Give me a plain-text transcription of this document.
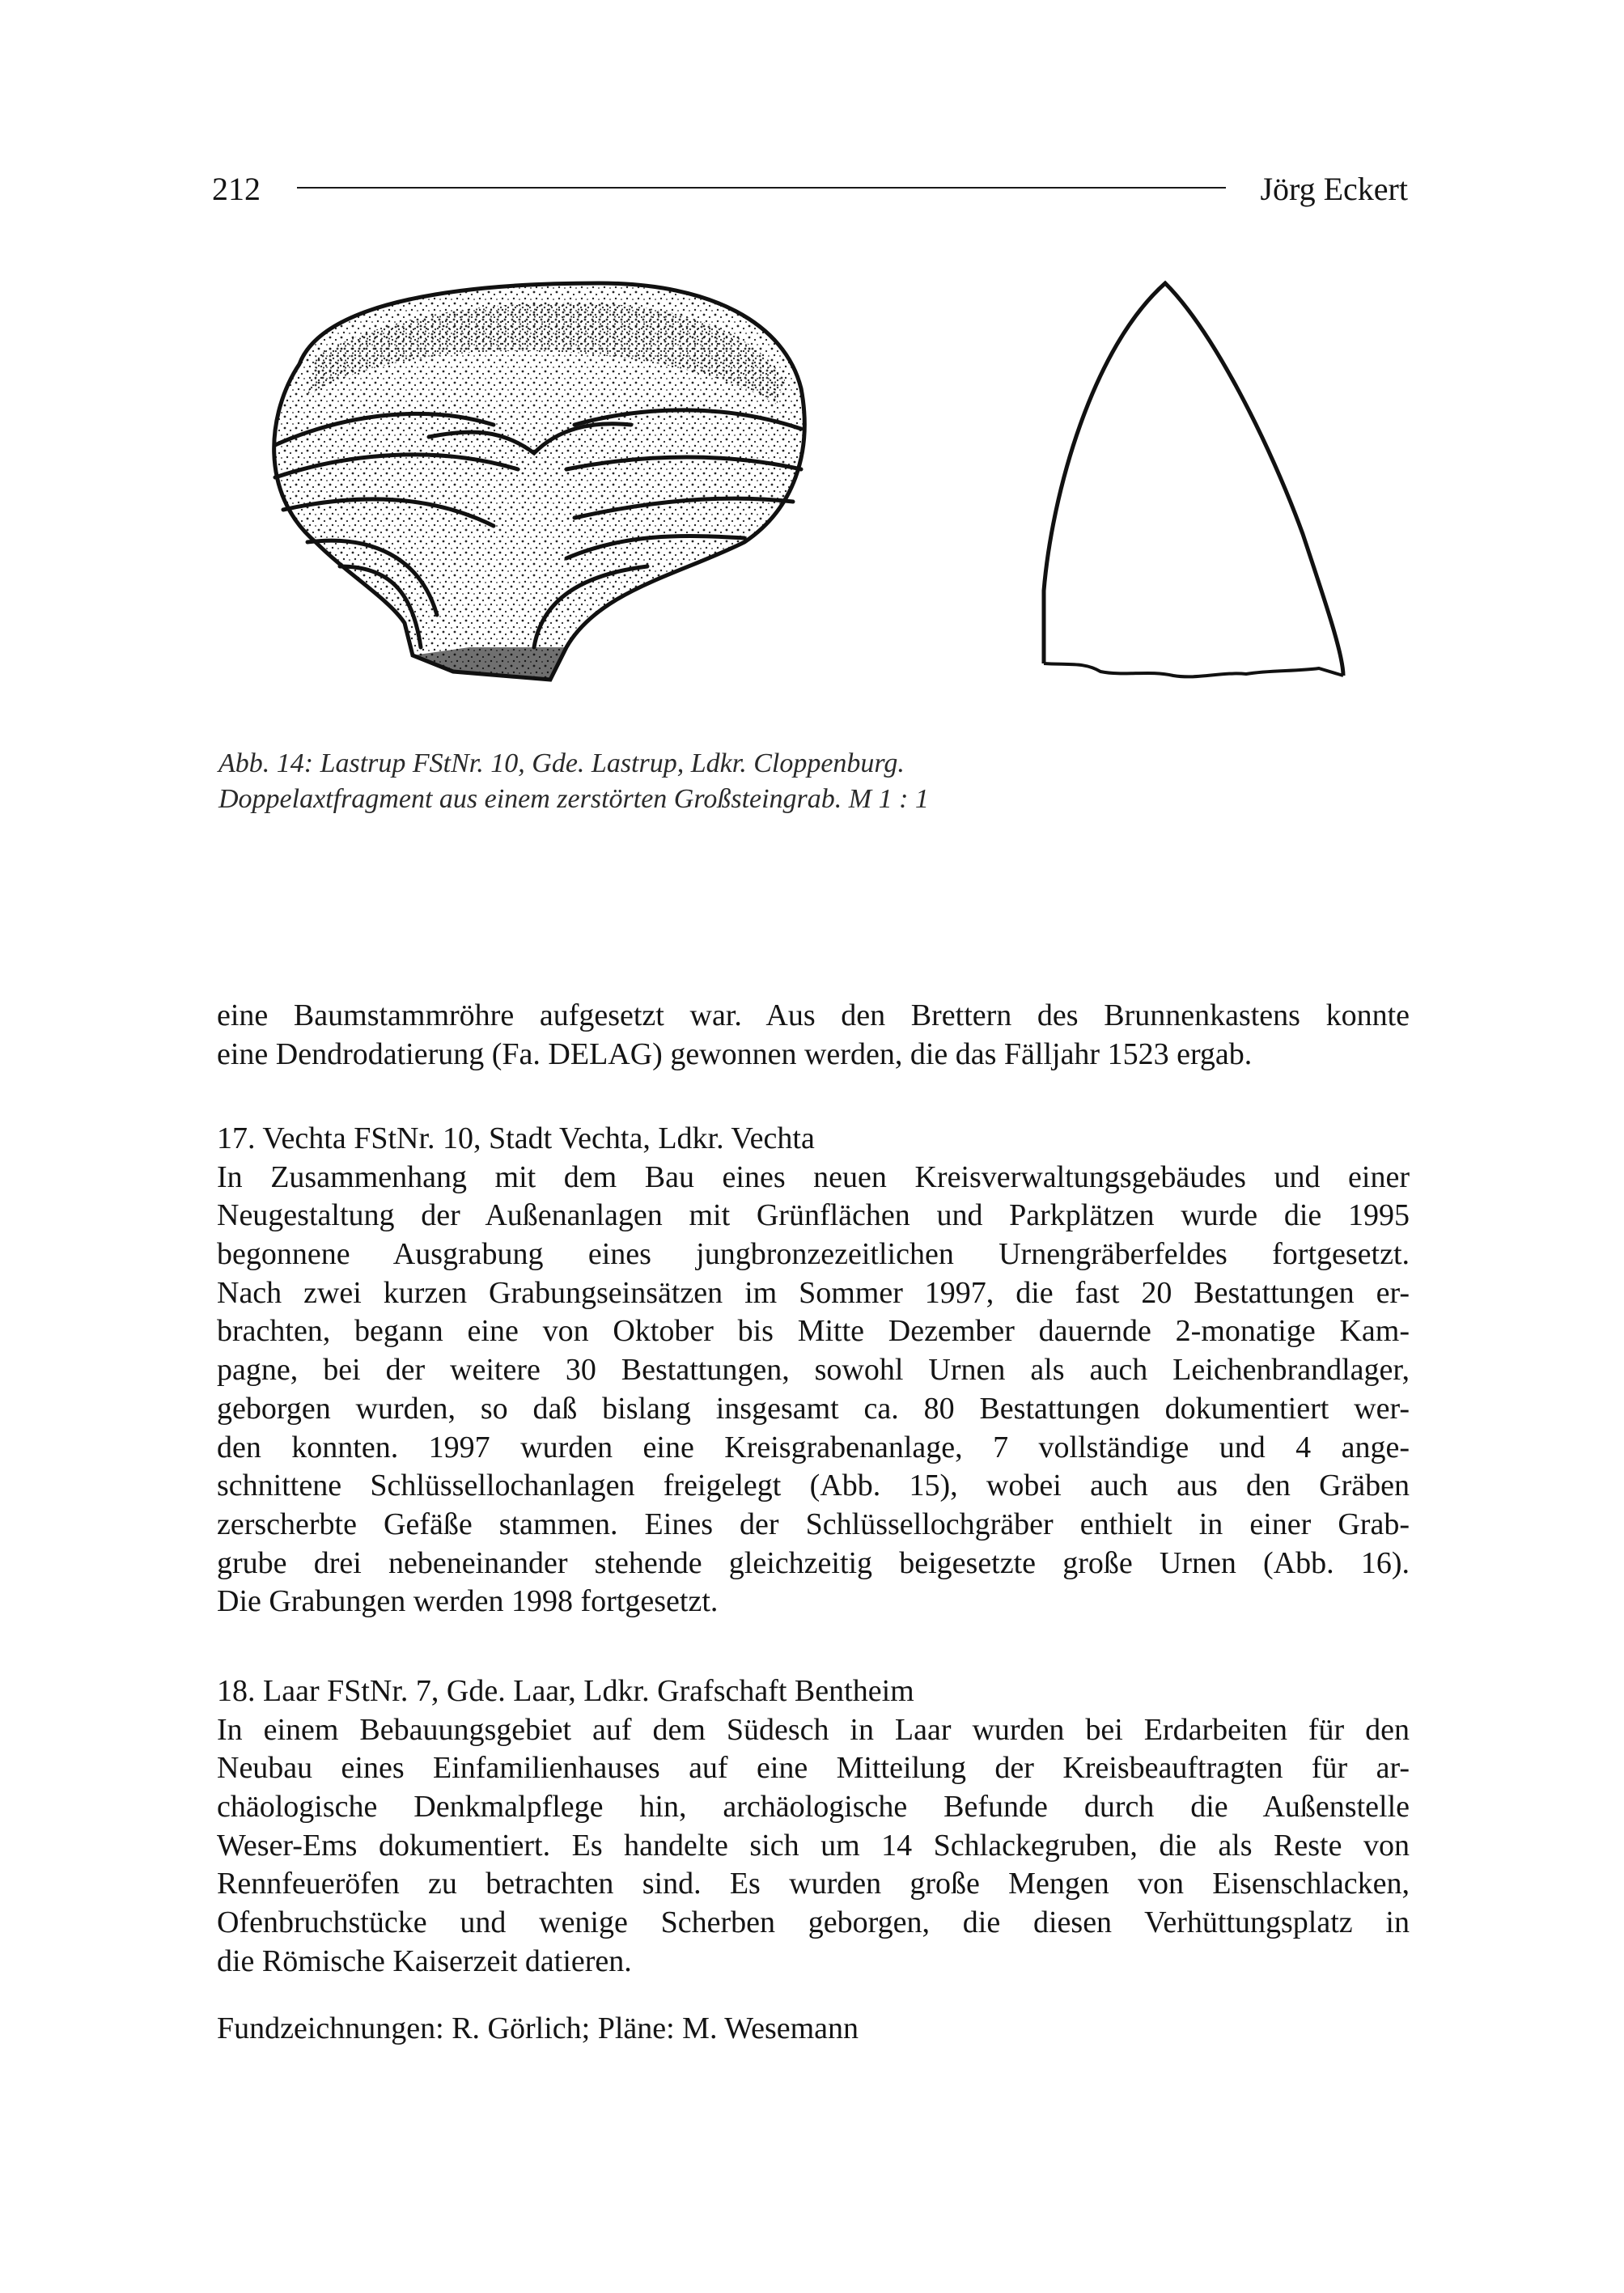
212	Jörg Eckert
Abb. 14: Lastrup FStNr. 10, Gde. Lastrup, Ldkr. Cloppenburg.
Doppelaxtfragment aus einem zerstörten Großsteingrab. M 1 : 1
eine Baumstammröhre aufgesetzt war. Aus den Brettern des Brunnenkastens konnte
eine Dendrodatierung (Fa. DELAG) gewonnen werden, die das Fälljahr 1523 ergab.
17. Vechta FStNr. 10, Stadt Vechta, Ldkr. Vechta
In Zusammenhang mit dem Bau eines neuen Kreisverwaltungsgebäudes und einer
Neugestaltung der Außenanlagen mit Grünflächen und Parkplätzen wurde die 1995
begonnene Ausgrabung eines jungbronzezeitlichen Urnengräberfeldes fortgesetzt.
Nach zwei kurzen Grabungseinsätzen im Sommer 1997, die fast 20 Bestattungen er-
brachten, begann eine von Oktober bis Mitte Dezember dauernde 2-monatige Kam-
pagne, bei der weitere 30 Bestattungen, sowohl Urnen als auch Leichenbrandlager,
geborgen wurden, so daß bislang insgesamt ca. 80 Bestattungen dokumentiert wer-
den konnten. 1997 wurden eine Kreisgrabenanlage, 7 vollständige und 4 ange-
schnittene Schlüssellochanlagen freigelegt (Abb. 15), wobei auch aus den Gräben
zerscherbte Gefäße stammen. Eines der Schlüssellochgräber enthielt in einer Grab-
grube drei nebeneinander stehende gleichzeitig beigesetzte große Urnen (Abb. 16).
Die Grabungen werden 1998 fortgesetzt.
18. Laar FStNr. 7, Gde. Laar, Ldkr. Grafschaft Bentheim
In einem Bebauungsgebiet auf dem Südesch in Laar wurden bei Erdarbeiten für den
Neubau eines Einfamilienhauses auf eine Mitteilung der Kreisbeauftragten für ar-
chäologische Denkmalpflege hin, archäologische Befunde durch die Außenstelle
Weser-Ems dokumentiert. Es handelte sich um 14 Schlackegruben, die als Reste von
Rennfeueröfen zu betrachten sind. Es wurden große Mengen von Eisenschlacken,
Ofenbruchstücke und wenige Scherben geborgen, die diesen Verhüttungsplatz in
die Römische Kaiserzeit datieren.
Fundzeichnungen: R. Görlich; Pläne: M. Wesemann
